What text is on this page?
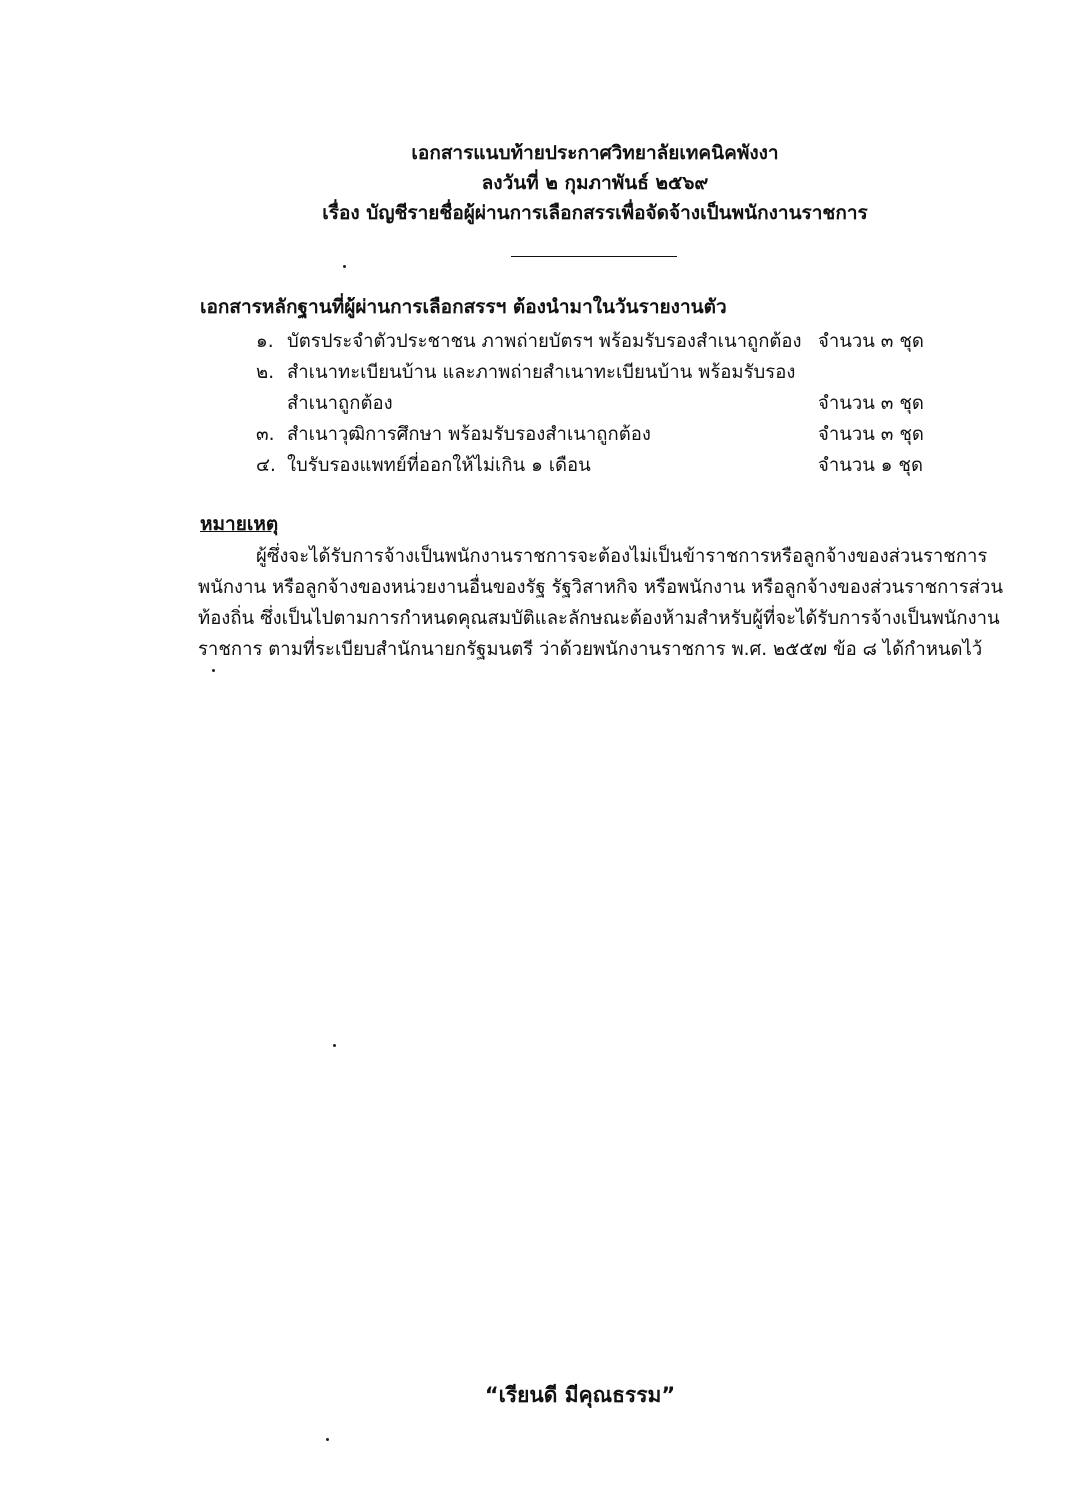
เอกสารแนบท้ายประกาศวิทยาลัยเทคนิคพังงา
ลงวันที่ ๒ กุมภาพันธ์ ๒๕๖๙
เรื่อง บัญชีรายชื่อผู้ผ่านการเลือกสรรเพื่อจัดจ้างเป็นพนักงานราชการ
เอกสารหลักฐานที่ผู้ผ่านการเลือกสรรฯ ต้องนำมาในวันรายงานตัว
๑. บัตรประจำตัวประชาชน ภาพถ่ายบัตรฯ พร้อมรับรองสำเนาถูกต้อง จำนวน ๓ ชุด
๒. สำเนาทะเบียนบ้าน และภาพถ่ายสำเนาทะเบียนบ้าน พร้อมรับรอง
สำเนาถูกต้อง	จำนวน ๓ ชุด
๓. สำเนาวุฒิการศึกษา พร้อมรับรองสำเนาถูกต้อง	จำนวน ๓ ชุด
๔. ใบรับรองแพทย์ที่ออกให้ไม่เกิน ๑ เดือน	จำนวน ๑ ชุด
หมายเหตุ
ผู้ซึ่งจะได้รับการจ้างเป็นพนักงานราชการจะต้องไม่เป็นข้าราชการหรือลูกจ้างของส่วนราชการ
พนักงาน หรือลูกจ้างของหน่วยงานอื่นของรัฐ รัฐวิสาหกิจ หรือพนักงาน หรือลูกจ้างของส่วนราชการส่วน
ท้องถิ่น ซึ่งเป็นไปตามการกำหนดคุณสมบัติและลักษณะต้องห้ามสำหรับผู้ที่จะได้รับการจ้างเป็นพนักงาน
ราชการ ตามที่ระเบียบสำนักนายกรัฐมนตรี ว่าด้วยพนักงานราชการ พ.ศ. ๒๕๕๗ ข้อ ๘ ได้กำหนดไว้
“เรียนดี มีคุณธรรม”
